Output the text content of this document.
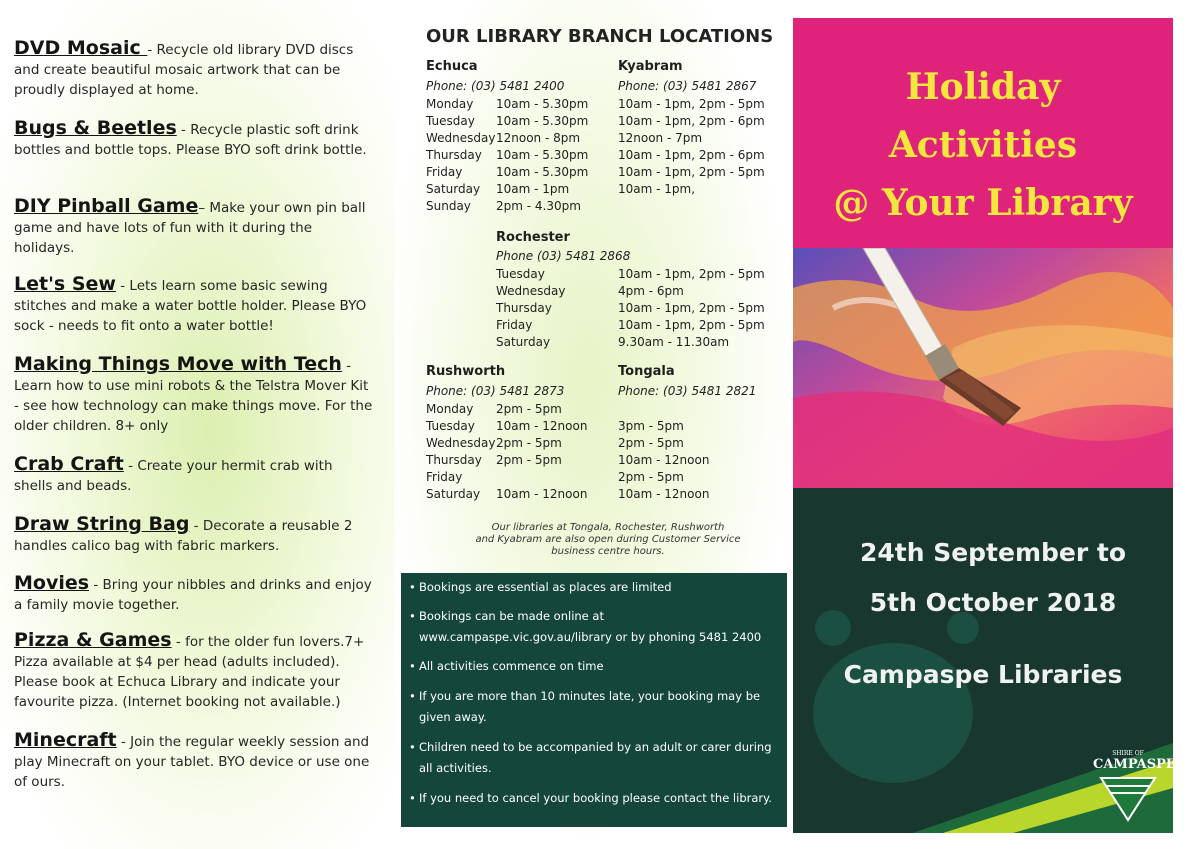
DVD Mosaic - Recycle old library DVD discs and create beautiful mosaic artwork that can be proudly displayed at home.
Bugs & Beetles - Recycle plastic soft drink bottles and bottle tops. Please BYO soft drink bottle.
DIY Pinball Game– Make your own pin ball game and have lots of fun with it during the holidays.
Let's Sew - Lets learn some basic sewing stitches and make a water bottle holder. Please BYO sock - needs to fit onto a water bottle!
Making Things Move with Tech - Learn how to use mini robots & the Telstra Mover Kit - see how technology can make things move. For the older children. 8+ only
Crab Craft - Create your hermit crab with shells and beads.
Draw String Bag - Decorate a reusable 2 handles calico bag with fabric markers.
Movies - Bring your nibbles and drinks and enjoy a family movie together.
Pizza & Games - for the older fun lovers.7+ Pizza available at $4 per head (adults included). Please book at Echuca Library and indicate your favourite pizza. (Internet booking not available.)
Minecraft - Join the regular weekly session and play Minecraft on your tablet. BYO device or use one of ours.
OUR LIBRARY BRANCH LOCATIONS
Echuca
Phone: (03) 5481 2400
Monday
Tuesday
Wednesday
Thursday
Friday
Saturday
Sunday
10am - 5.30pm
10am - 5.30pm
12noon - 8pm
10am - 5.30pm
10am - 5.30pm
10am - 1pm
2pm - 4.30pm
Kyabram
Phone: (03) 5481 2867
10am - 1pm, 2pm - 5pm
10am - 1pm, 2pm - 6pm
12noon - 7pm
10am - 1pm, 2pm - 6pm
10am - 1pm, 2pm - 5pm
10am - 1pm,
Rochester
Phone (03) 5481 2868
Tuesday
Wednesday
Thursday
Friday
Saturday
10am - 1pm, 2pm - 5pm
4pm - 6pm
10am - 1pm, 2pm - 5pm
10am - 1pm, 2pm - 5pm
9.30am - 11.30am
Rushworth
Phone: (03) 5481 2873
Monday
Tuesday
Wednesday
Thursday
Friday
Saturday
2pm - 5pm
10am - 12noon
2pm - 5pm
2pm - 5pm
10am - 12noon
Tongala
Phone: (03) 5481 2821
3pm - 5pm
2pm - 5pm
10am - 12noon
2pm - 5pm
10am - 12noon
Our libraries at Tongala, Rochester, Rushworth
and Kyabram are also open during Customer Service
business centre hours.
• Bookings are essential as places are limited
• Bookings can be made online at
www.campaspe.vic.gov.au/library or by phoning 5481 2400
• All activities commence on time
• If you are more than 10 minutes late, your booking may be
given away.
• Children need to be accompanied by an adult or carer during
all activities.
• If you need to cancel your booking please contact the library.
Holiday
Activities
@ Your Library
24th September to
5th October 2018
Campaspe Libraries
SHIRE OF
CAMPASPE
